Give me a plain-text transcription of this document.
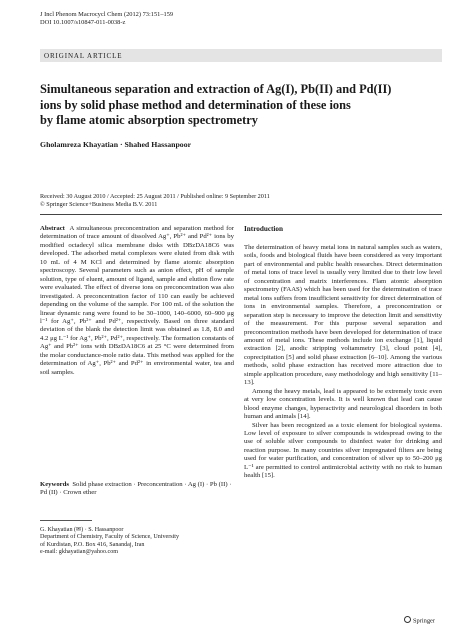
J Incl Phenom Macrocycl Chem (2012) 73:151–159
DOI 10.1007/s10847-011-0038-z
ORIGINAL ARTICLE
Simultaneous separation and extraction of Ag(I), Pb(II) and Pd(II)
ions by solid phase method and determination of these ions
by flame atomic absorption spectrometry
Gholamreza Khayatian · Shahed Hassanpoor
Received: 30 August 2010 / Accepted: 25 August 2011 / Published online: 9 September 2011
© Springer Science+Business Media B.V. 2011

Abstract A simultaneous preconcentration and separation method for determination of trace amount of dissolved Ag⁺, Pb²⁺ and Pd²⁺ ions by modified octadecyl silica membrane disks with DBzDA18C6 was developed. The adsorbed metal complexes were eluted from disk with 10 mL of 4 M KCl and determined by flame atomic absorption spectroscopy. Several parameters such as anion effect, pH of sample solution, type of eluent, amount of ligand, sample and elution flow rate were evaluated. The effect of diverse ions on preconcentration was also investigated. A preconcentration factor of 110 can easily be achieved depending on the volume of the sample. For 100 mL of the solution the linear dynamic rang were found to be 30–1000, 140–6000, 60–900 μg l⁻¹ for Ag⁺, Pb²⁺ and Pd²⁺, respectively. Based on three standard deviation of the blank the detection limit was obtained as 1.8, 8.0 and 4.2 μg L⁻¹ for Ag⁺, Pb²⁺, Pd²⁺, respectively. The formation constants of Ag⁺ and Pb²⁺ ions with DBzDA18C6 at 25 °C were determined from the molar conductance-mole ratio data. This method was applied for the determination of Ag⁺, Pb²⁺ and Pd²⁺ in environmental water, tea and soil samples.

Keywords Solid phase extraction · Preconcentration · Ag (I) · Pb (II) · Pd (II) · Crown ether
G. Khayatian (✉) · S. Hassanpoor
Department of Chemistry, Faculty of Science, University
of Kurdistan, P.O. Box 416, Sanandaj, Iran
e-mail: gkhayatian@yahoo.com
Introduction

The determination of heavy metal ions in natural samples such as waters, soils, foods and biological fluids have been considered as very important part of environmental and public health researches. Direct determination of metal ions of trace level is usually very limited due to their low level of concentration and matrix interferences. Flam atomic absorption spectrometry (FAAS) which has been used for the determination of trace metal ions suffers from insufficient sensitivity for direct determination of ions in environmental samples. Therefore, a preconcentration or separation step is necessary to improve the detection limit and sensitivity of the measurement. For this purpose several separation and preconcentration methods have been developed for determination of trace amount of metal ions. These methods include ion exchange [1], liquid extraction [2], anodic stripping voltammetry [3], cloud point [4], coprecipitation [5] and solid phase extraction [6–10]. Among the various methods, solid phase extraction has received more attraction due to simple application procedure, easy methodology and high sensitivity [11–13].

Among the heavy metals, lead is appeared to be extremely toxic even at very low concentration levels. It is well known that lead can cause blood enzyme changes, hyperactivity and neurological disorders in both human and animals [14].

Silver has been recognized as a toxic element for biological systems. Low level of exposure to silver compounds is widespread owing to the use of soluble silver compounds to disinfect water for drinking and reaction purpose. In many countries silver impregnated filters are being used for water purification, and concentration of silver up to 50–200 μg L⁻¹ are permitted to control antimicrobial activity with no risk to human health [15].

Springer
